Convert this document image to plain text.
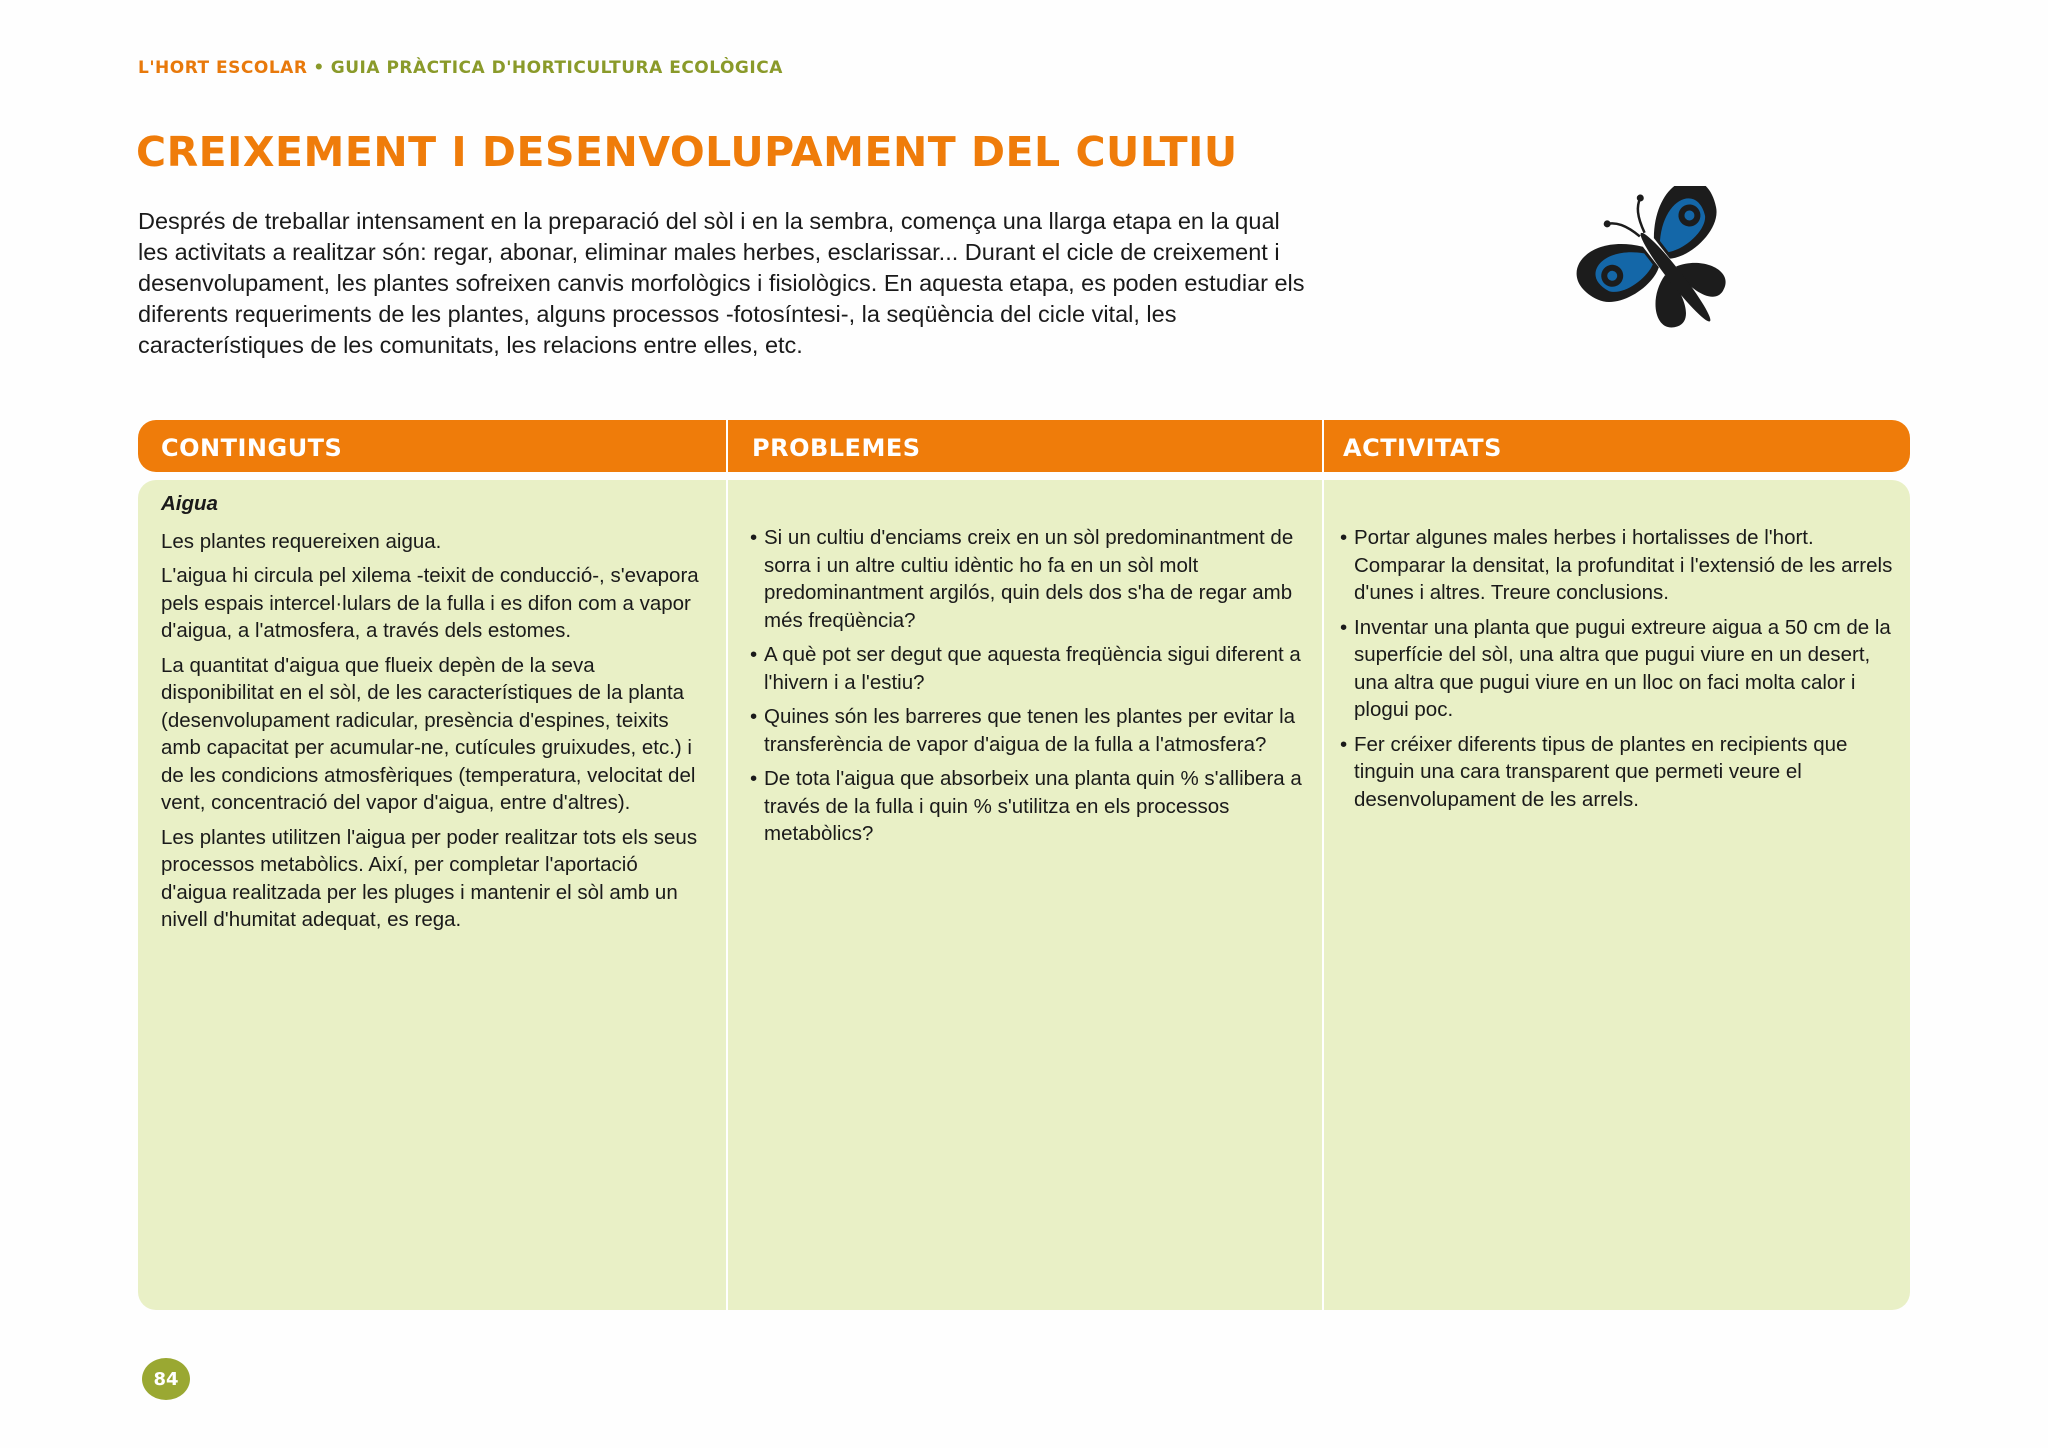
L'HORT ESCOLAR • GUIA PRÀCTICA D'HORTICULTURA ECOLÒGICA
CREIXEMENT I DESENVOLUPAMENT DEL CULTIU

Després de treballar intensament en la preparació del sòl i en la sembra, comença una llarga etapa en la qual les activitats a realitzar són: regar, abonar, eliminar males herbes, esclarissar... Durant el cicle de creixement i desenvolupament, les plantes sofreixen canvis morfològics i fisiològics. En aquesta etapa, es poden estudiar els diferents requeriments de les plantes, alguns processos -fotosíntesi-, la seqüència del cicle vital, les característiques de les comunitats, les relacions entre elles, etc.

CONTINGUTS	PROBLEMES	ACTIVITATS

Aigua

Les plantes requereixen aigua.

L'aigua hi circula pel xilema -teixit de conducció-, s'evapora pels espais intercel·lulars de la fulla i es difon com a vapor d'aigua, a l'atmosfera, a través dels estomes.

La quantitat d'aigua que flueix depèn de la seva disponibilitat en el sòl, de les característiques de la planta (desenvolupament radicular, presència d'espines, teixits amb capacitat per acumular-ne, cutícules gruixudes, etc.) i de les condicions atmosfèriques (temperatura, velocitat del vent, concentració del vapor d'aigua, entre d'altres).

Les plantes utilitzen l'aigua per poder realitzar tots els seus processos metabòlics. Així, per completar l'aportació d'aigua realitzada per les pluges i mantenir el sòl amb un nivell d'humitat adequat, es rega.

• Si un cultiu d'enciams creix en un sòl predominantment de sorra i un altre cultiu idèntic ho fa en un sòl molt predominantment argilós, quin dels dos s'ha de regar amb més freqüència?
• A què pot ser degut que aquesta freqüència sigui diferent a l'hivern i a l'estiu?
• Quines són les barreres que tenen les plantes per evitar la transferència de vapor d'aigua de la fulla a l'atmosfera?
• De tota l'aigua que absorbeix una planta quin % s'allibera a través de la fulla i quin % s'utilitza en els processos metabòlics?
• Portar algunes males herbes i hortalisses de l'hort. Comparar la densitat, la profunditat i l'extensió de les arrels d'unes i altres. Treure conclusions.
• Inventar una planta que pugui extreure aigua a 50 cm de la superfície del sòl, una altra que pugui viure en un desert, una altra que pugui viure en un lloc on faci molta calor i plogui poc.
• Fer créixer diferents tipus de plantes en recipients que tinguin una cara transparent que permeti veure el desenvolupament de les arrels.
84
